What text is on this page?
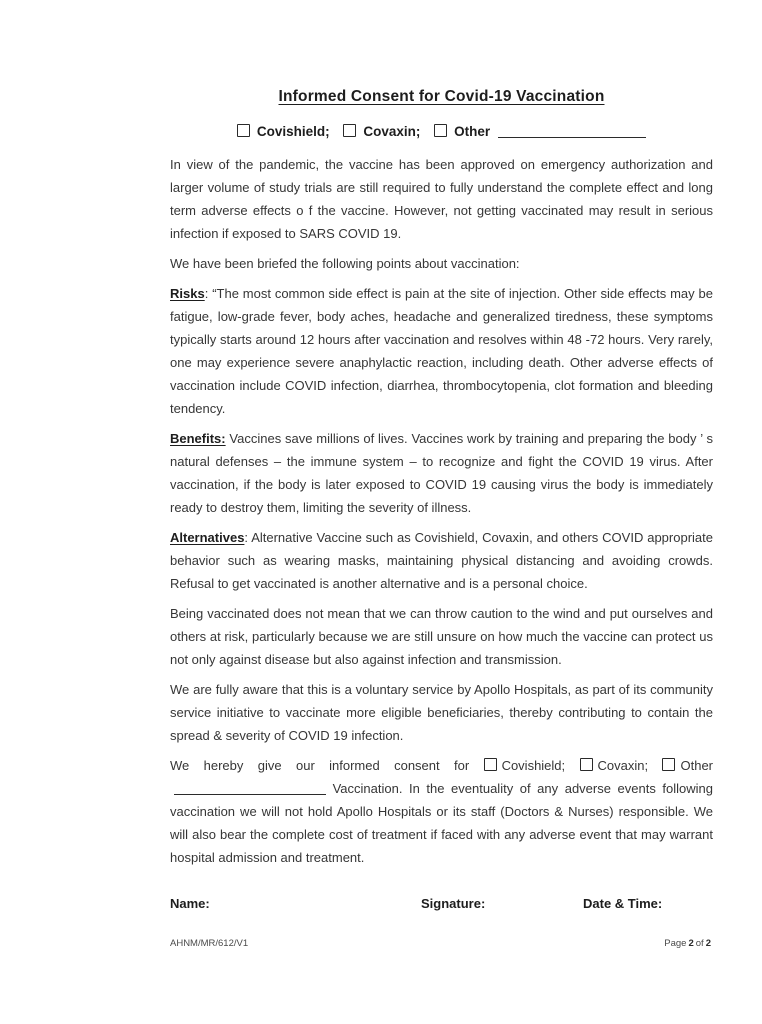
Informed Consent for Covid-19 Vaccination
Covishield;	Covaxin;	Other

In view of the pandemic, the vaccine has been approved on emergency authorization and larger volume of study trials are still required to fully understand the complete effect and long term adverse effects o f the vaccine. However, not getting vaccinated may result in serious infection if exposed to SARS COVID 19.

We have been briefed the following points about vaccination:

Risks: “The most common side effect is pain at the site of injection. Other side effects may be fatigue, low-grade fever, body aches, headache and generalized tiredness, these symptoms typically starts around 12 hours after vaccination and resolves within 48 -72 hours. Very rarely, one may experience severe anaphylactic reaction, including death. Other adverse effects of vaccination include COVID infection, diarrhea, thrombocytopenia, clot formation and bleeding tendency.

Benefits: Vaccines save millions of lives. Vaccines work by training and preparing the body ’ s natural defenses – the immune system – to recognize and fight the COVID 19 virus. After vaccination, if the body is later exposed to COVID 19 causing virus the body is immediately ready to destroy them, limiting the severity of illness.

Alternatives: Alternative Vaccine such as Covishield, Covaxin, and others COVID appropriate behavior such as wearing masks, maintaining physical distancing and avoiding crowds. Refusal to get vaccinated is another alternative and is a personal choice.

Being vaccinated does not mean that we can throw caution to the wind and put ourselves and others at risk, particularly because we are still unsure on how much the vaccine can protect us not only against disease but also against infection and transmission.

We are fully aware that this is a voluntary service by Apollo Hospitals, as part of its community service initiative to vaccinate more eligible beneficiaries, thereby contributing to contain the spread & severity of COVID 19 infection.

We hereby give our informed consent for Covishield; Covaxin; Other Vaccination. In the eventuality of any adverse events following vaccination we will not hold Apollo Hospitals or its staff (Doctors & Nurses) responsible. We will also bear the complete cost of treatment if faced with any adverse event that may warrant hospital admission and treatment.

Name:	Signature:	Date & Time:
AHNM/MR/612/V1	Page 2 of 2
